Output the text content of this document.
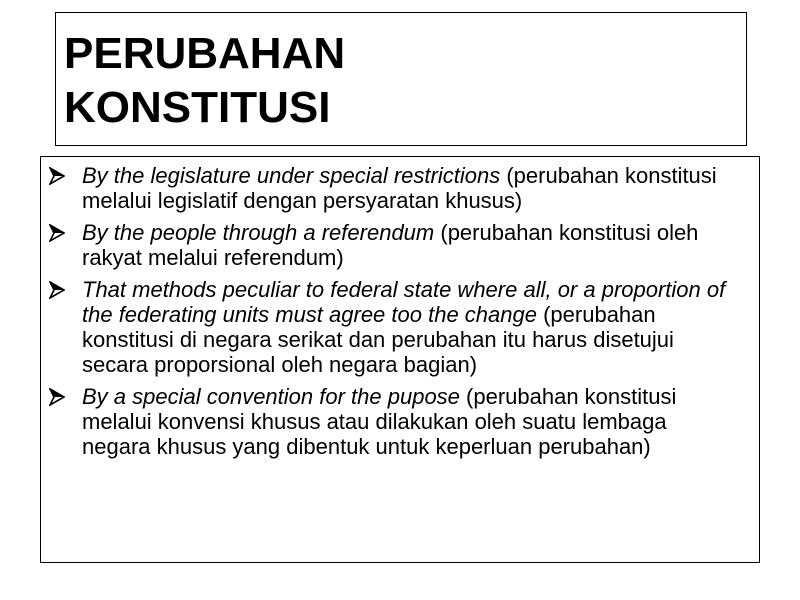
PERUBAHAN
KONSTITUSI
By the legislature under special restrictions (perubahan konstitusi melalui legislatif dengan persyaratan khusus)
By the people through a referendum (perubahan konstitusi oleh rakyat melalui referendum)
That methods peculiar to federal state where all, or a proportion of the federating units must agree too the change (perubahan konstitusi di negara serikat dan perubahan itu harus disetujui secara proporsional oleh negara bagian)
By a special convention for the pupose (perubahan konstitusi melalui konvensi khusus atau dilakukan oleh suatu lembaga negara khusus yang dibentuk untuk keperluan perubahan)
